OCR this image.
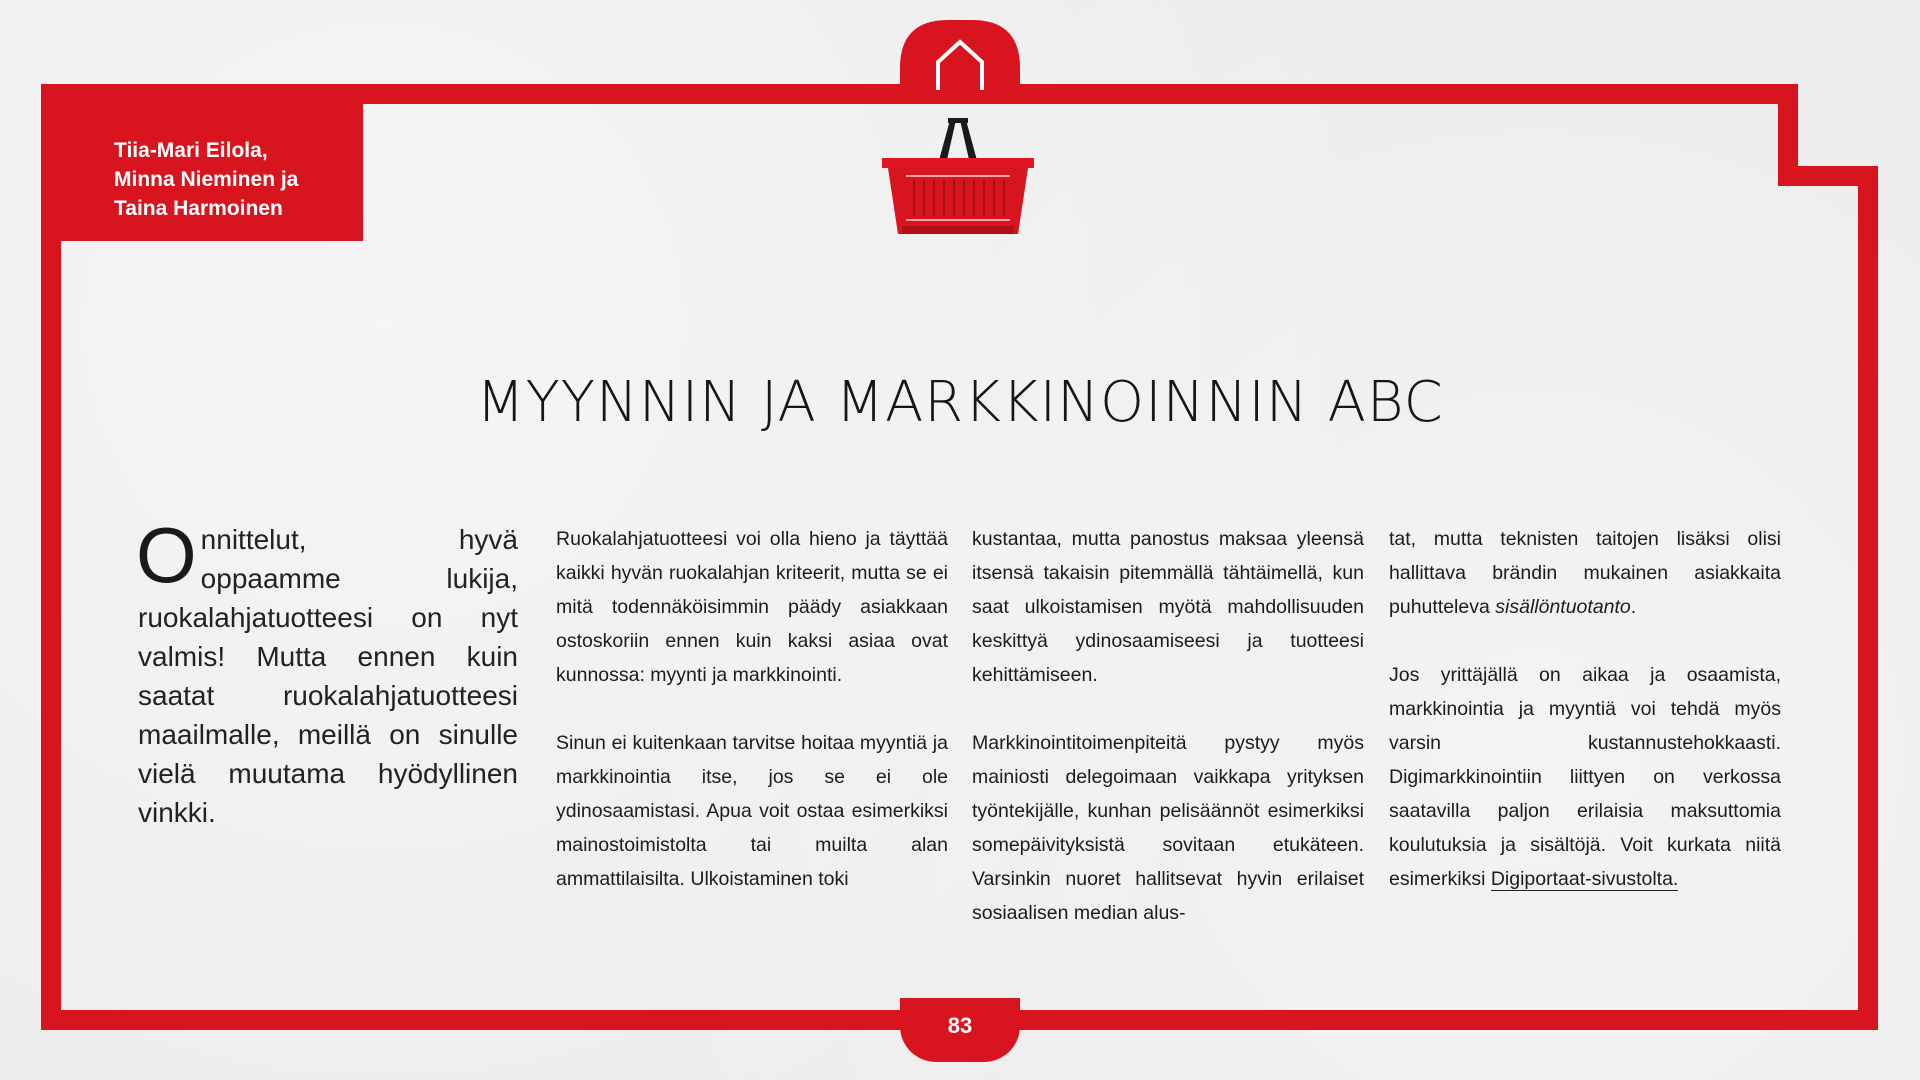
Tiia-Mari Eilola,
Minna Nieminen ja
Taina Harmoinen
MYYNNIN JA MARKKINOINNIN ABC
Onnittelut, hyvä oppaamme lukija, ruokalahjatuotteesi on nyt valmis! Mutta ennen kuin saatat ruokalahjatuotteesi maailmalle, meillä on sinulle vielä muutama hyödyllinen vinkki.
Ruokalahjatuotteesi voi olla hieno ja täyttää kaikki hyvän ruokalahjan kriteerit, mutta se ei mitä todennäköisimmin päädy asiakkaan ostoskoriin ennen kuin kaksi asiaa ovat kunnossa: myynti ja markkinointi.

Sinun ei kuitenkaan tarvitse hoitaa myyntiä ja markkinointia itse, jos se ei ole ydinosaamistasi. Apua voit ostaa esimerkiksi mainostoimistolta tai muilta alan ammattilaisilta. Ulkoistaminen toki
kustantaa, mutta panostus maksaa yleensä itsensä takaisin pitemmällä tähtäimellä, kun saat ulkoistamisen myötä mahdollisuuden keskittyä ydinosaamiseesi ja tuotteesi kehittämiseen.

Markkinointitoimenpiteitä pystyy myös mainiosti delegoimaan vaikkapa yrityksen työntekijälle, kunhan pelisäännöt esimerkiksi somepäivityksistä sovitaan etukäteen. Varsinkin nuoret hallitsevat hyvin erilaiset sosiaalisen median alus-
tat, mutta teknisten taitojen lisäksi olisi hallittava brändin mukainen asiakkaita puhutteleva sisällöntuotanto.

Jos yrittäjällä on aikaa ja osaamista, markkinointia ja myyntiä voi tehdä myös varsin kustannustehokkaasti. Digimarkkinointiin liittyen on verkossa saatavilla paljon erilaisia maksuttomia koulutuksia ja sisältöjä. Voit kurkata niitä esimerkiksi Digiportaat-sivustolta.
83
